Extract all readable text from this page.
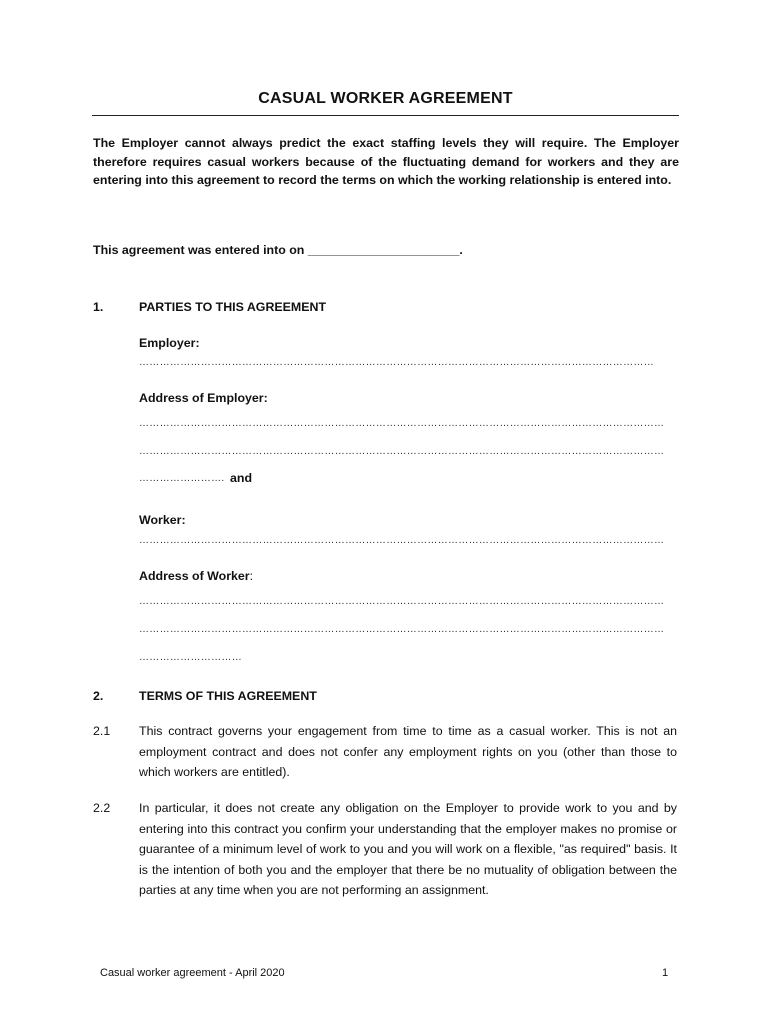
CASUAL WORKER AGREEMENT
The Employer cannot always predict the exact staffing levels they will require. The Employer therefore requires casual workers because of the fluctuating demand for workers and they are entering into this agreement to record the terms on which the working relationship is entered into.
This agreement was entered into on ______________________.
1.	PARTIES TO THIS AGREEMENT
Employer:
……………………………………………………………………………………………………………………………………
Address of Employer:
………………………………………………………………………………………………………………………………………
………………………………………………………………………………………………………………………………………
……………………. and
Worker:
………………………………………………………………………………………………………………………………………
Address of Worker:
………………………………………………………………………………………………………………………………………
………………………………………………………………………………………………………………………………………
…………………………
2.	TERMS OF THIS AGREEMENT
2.1 This contract governs your engagement from time to time as a casual worker. This is not an employment contract and does not confer any employment rights on you (other than those to which workers are entitled).
2.2 In particular, it does not create any obligation on the Employer to provide work to you and by entering into this contract you confirm your understanding that the employer makes no promise or guarantee of a minimum level of work to you and you will work on a flexible, "as required" basis. It is the intention of both you and the employer that there be no mutuality of obligation between the parties at any time when you are not performing an assignment.
Casual worker agreement - April 2020	1
